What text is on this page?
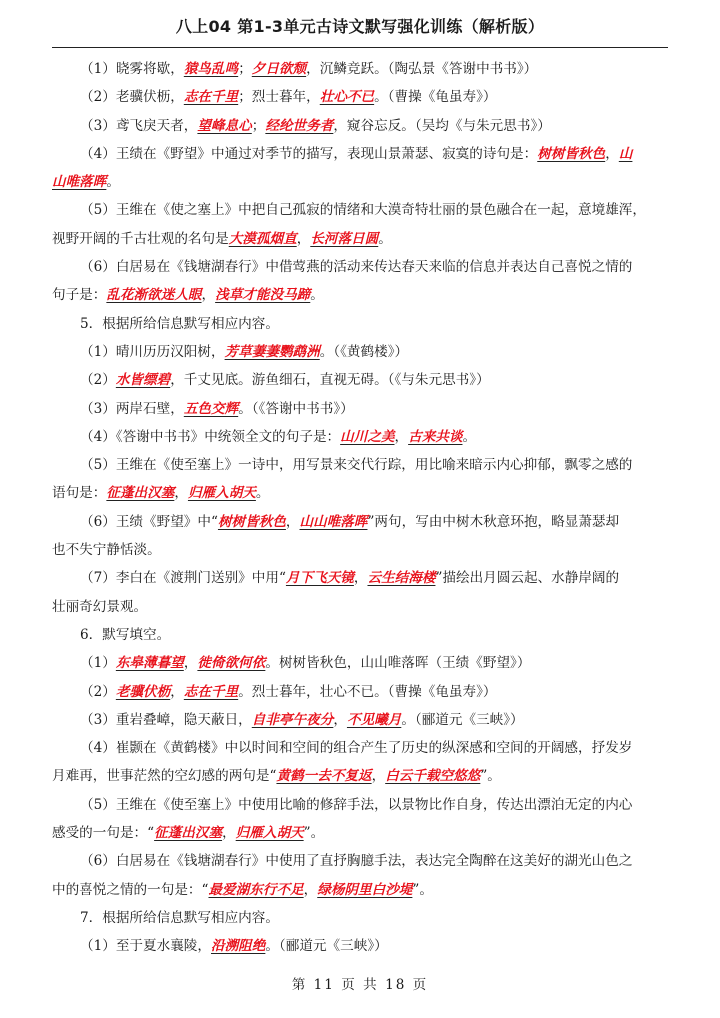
八上04 第1-3单元古诗文默写强化训练（解析版）
（1）晓雾将歇，猿鸟乱鸣；夕日欲颓，沉鳞竞跃。（陶弘景《答谢中书书》）
（2）老骥伏枥，志在千里；烈士暮年，壮心不已。（曹操《龟虽寿》）
（3）鸢飞戾天者，望峰息心；经纶世务者，窥谷忘反。（吴均《与朱元思书》）
（4）王绩在《野望》中通过对季节的描写，表现山景萧瑟、寂寞的诗句是：树树皆秋色，山
山唯落晖。
（5）王维在《使之塞上》中把自己孤寂的情绪和大漠奇特壮丽的景色融合在一起，意境雄浑，
视野开阔的千古壮观的名句是大漠孤烟直，长河落日圆。
（6）白居易在《钱塘湖春行》中借莺燕的活动来传达春天来临的信息并表达自己喜悦之情的
句子是：乱花渐欲迷人眼，浅草才能没马蹄。
5．根据所给信息默写相应内容。
（1）晴川历历汉阳树，芳草萋萋鹦鹉洲。（《黄鹤楼》）
（2）水皆缥碧，千丈见底。游鱼细石，直视无碍。（《与朱元思书》）
（3）两岸石壁，五色交辉。（《答谢中书书》）
（4）《答谢中书书》中统领全文的句子是：山川之美，古来共谈。
（5）王维在《使至塞上》一诗中，用写景来交代行踪，用比喻来暗示内心抑郁，飘零之感的
语句是：征蓬出汉塞，归雁入胡天。
（6）王绩《野望》中“树树皆秋色，山山唯落晖”两句，写由中树木秋意环抱，略显萧瑟却
也不失宁静恬淡。
（7）李白在《渡荆门送别》中用“月下飞天镜，云生结海楼”描绘出月圆云起、水静岸阔的
壮丽奇幻景观。
6．默写填空。
（1）东皋薄暮望，徙倚欲何依。树树皆秋色，山山唯落晖（王绩《野望》）
（2）老骥伏枥，志在千里。烈士暮年，壮心不已。（曹操《龟虽寿》）
（3）重岩叠嶂，隐天蔽日，自非亭午夜分，不见曦月。（郦道元《三峡》）
（4）崔颢在《黄鹤楼》中以时间和空间的组合产生了历史的纵深感和空间的开阔感，抒发岁
月难再，世事茫然的空幻感的两句是“黄鹤一去不复返，白云千载空悠悠”。
（5）王维在《使至塞上》中使用比喻的修辞手法，以景物比作自身，传达出漂泊无定的内心
感受的一句是：“征蓬出汉塞，归雁入胡天”。
（6）白居易在《钱塘湖春行》中使用了直抒胸臆手法，表达完全陶醉在这美好的湖光山色之
中的喜悦之情的一句是：“最爱湖东行不足，绿杨阴里白沙堤”。
7．根据所给信息默写相应内容。
（1）至于夏水襄陵，沿溯阻绝。（郦道元《三峡》）
第 11 页 共 18 页
